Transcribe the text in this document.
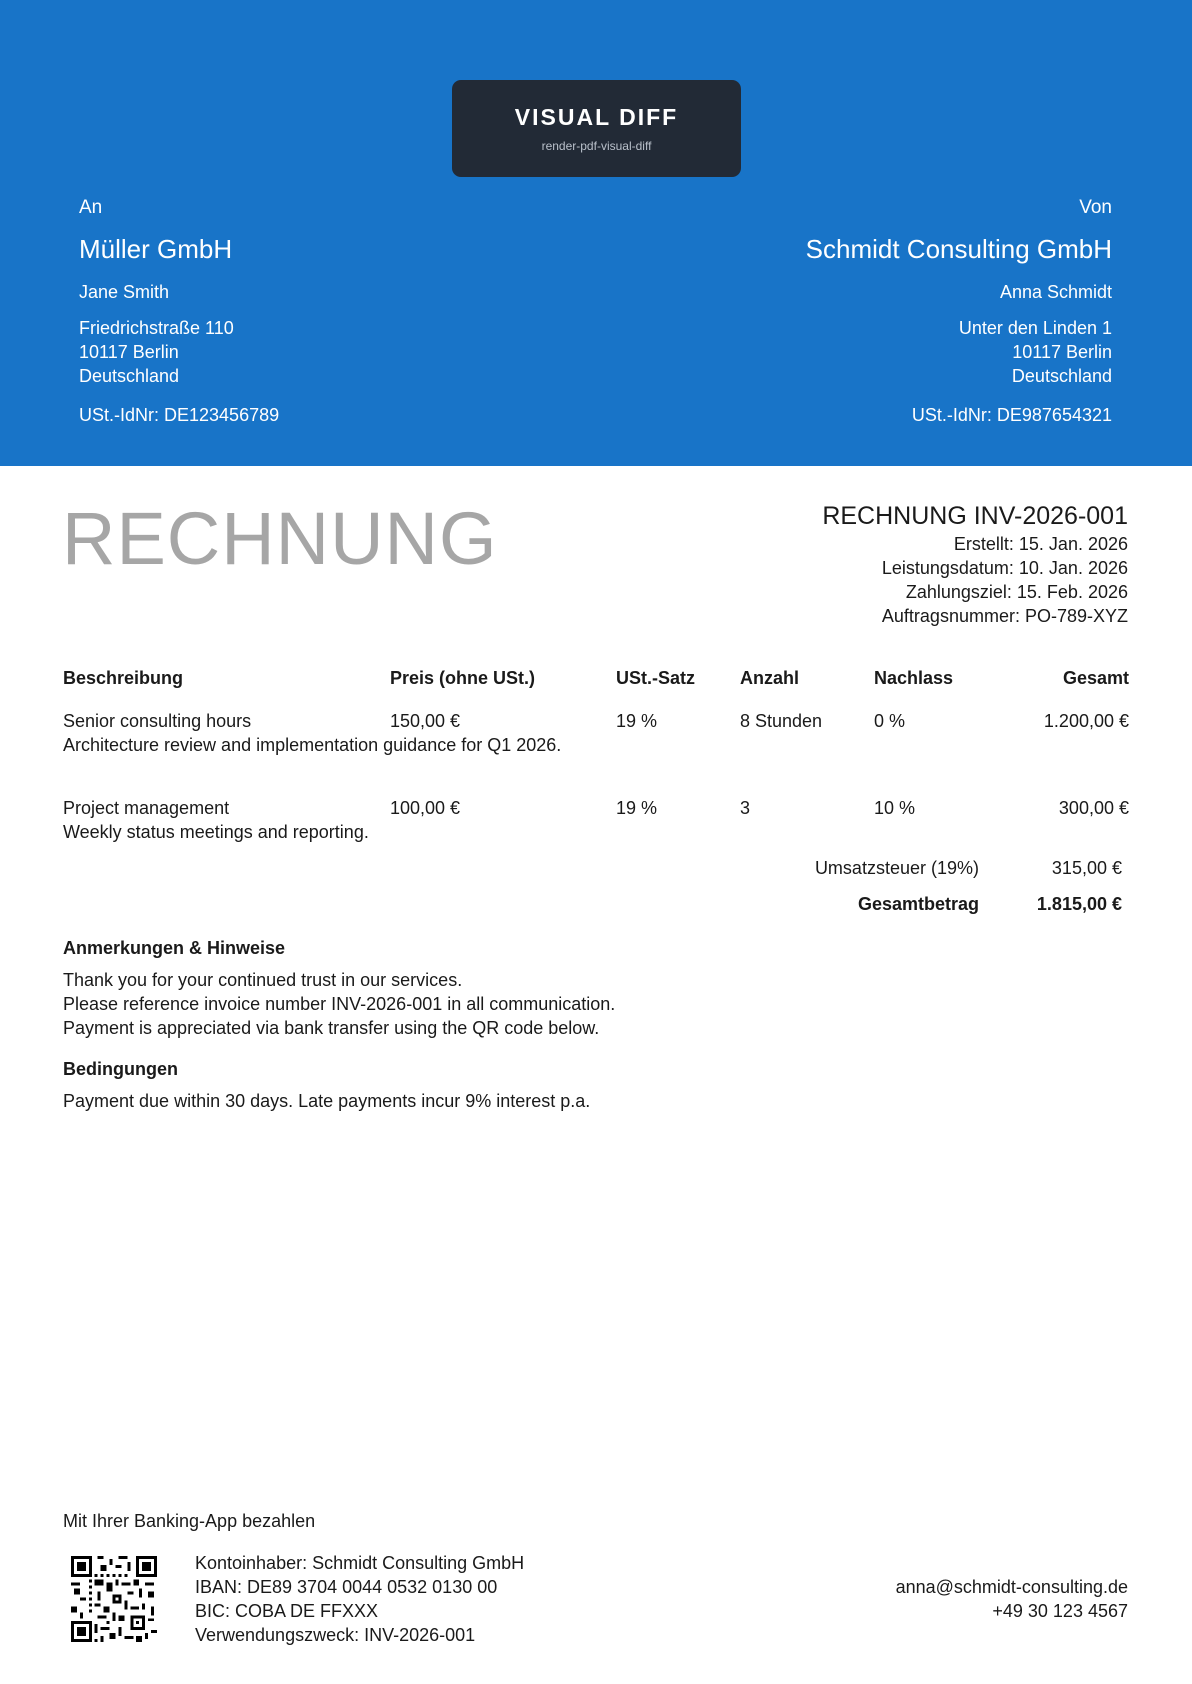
VISUAL DIFF
render-pdf-visual-diff
An
Müller GmbH
Jane Smith
Friedrichstraße 110
10117 Berlin
Deutschland
USt.-IdNr: DE123456789
Von
Schmidt Consulting GmbH
Anna Schmidt
Unter den Linden 1
10117 Berlin
Deutschland
USt.-IdNr: DE987654321
RECHNUNG	RECHNUNG INV-2026-001
Erstellt: 15. Jan. 2026
Leistungsdatum: 10. Jan. 2026
Zahlungsziel: 15. Feb. 2026
Auftragsnummer: PO-789-XYZ
Beschreibung	Preis (ohne USt.)	USt.-Satz	Anzahl	Nachlass	Gesamt
Senior consulting hours	150,00 €	19 %	8 Stunden	0 %	1.200,00 €
Architecture review and implementation guidance for Q1 2026.					
Project management	100,00 €	19 %	3	10 %	300,00 €
Weekly status meetings and reporting.					
Umsatzsteuer (19%)	315,00 €
Gesamtbetrag	1.815,00 €
Anmerkungen & Hinweise
Thank you for your continued trust in our services.
Please reference invoice number INV-2026-001 in all communication.
Payment is appreciated via bank transfer using the QR code below.
Bedingungen
Payment due within 30 days. Late payments incur 9% interest p.a.
Mit Ihrer Banking-App bezahlen
Kontoinhaber: Schmidt Consulting GmbH
IBAN: DE89 3704 0044 0532 0130 00
BIC: COBA DE FFXXX
Verwendungszweck: INV-2026-001
anna@schmidt-consulting.de
+49 30 123 4567
